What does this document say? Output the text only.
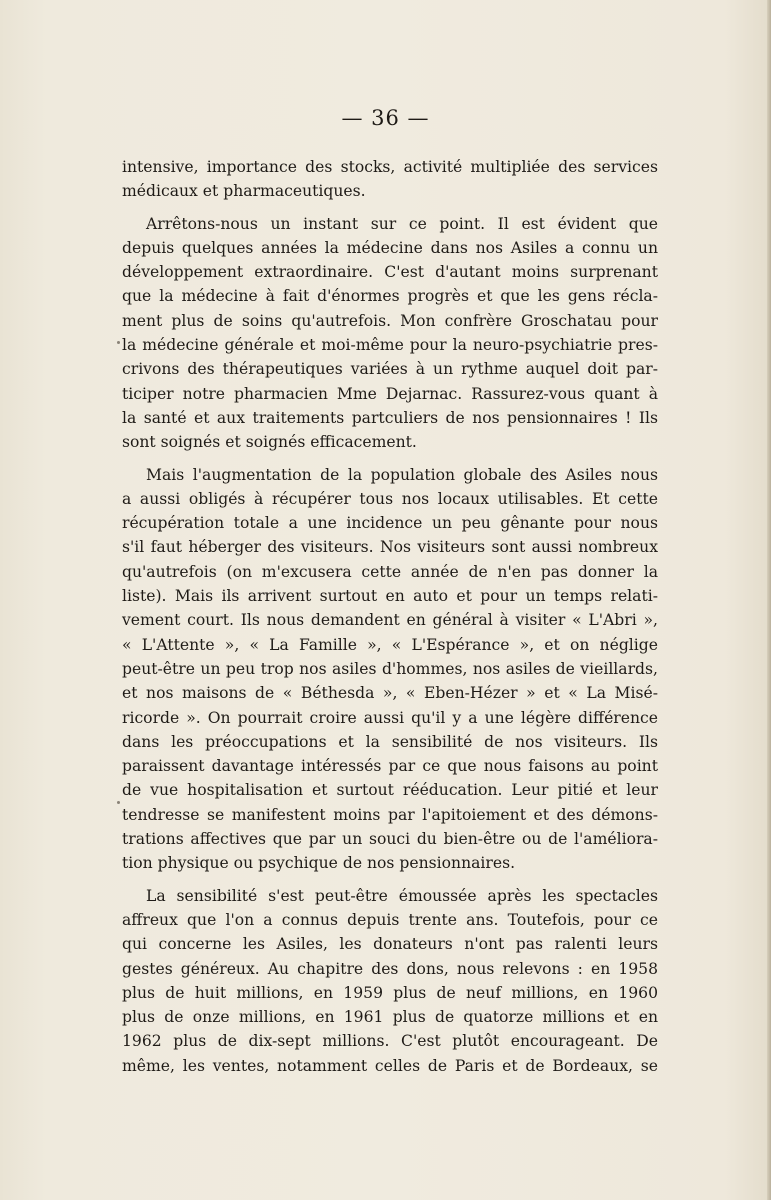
— 36 —

intensive, importance des stocks, activité multipliée des services
médicaux et pharmaceutiques.

Arrêtons-nous un instant sur ce point. Il est évident que
depuis quelques années la médecine dans nos Asiles a connu un
développement extraordinaire. C'est d'autant moins surprenant
que la médecine à fait d'énormes progrès et que les gens récla-
ment plus de soins qu'autrefois. Mon confrère Groschatau pour
la médecine générale et moi-même pour la neuro-psychiatrie pres-
crivons des thérapeutiques variées à un rythme auquel doit par-
ticiper notre pharmacien Mme Dejarnac. Rassurez-vous quant à
la santé et aux traitements partculiers de nos pensionnaires ! Ils
sont soignés et soignés efficacement.

Mais l'augmentation de la population globale des Asiles nous
a aussi obligés à récupérer tous nos locaux utilisables. Et cette
récupération totale a une incidence un peu gênante pour nous
s'il faut héberger des visiteurs. Nos visiteurs sont aussi nombreux
qu'autrefois (on m'excusera cette année de n'en pas donner la
liste). Mais ils arrivent surtout en auto et pour un temps relati-
vement court. Ils nous demandent en général à visiter « L'Abri »,
« L'Attente », « La Famille », « L'Espérance », et on néglige
peut-être un peu trop nos asiles d'hommes, nos asiles de vieillards,
et nos maisons de « Béthesda », « Eben-Hézer » et « La Misé-
ricorde ». On pourrait croire aussi qu'il y a une légère différence
dans les préoccupations et la sensibilité de nos visiteurs. Ils
paraissent davantage intéressés par ce que nous faisons au point
de vue hospitalisation et surtout rééducation. Leur pitié et leur
tendresse se manifestent moins par l'apitoiement et des démons-
trations affectives que par un souci du bien-être ou de l'améliora-
tion physique ou psychique de nos pensionnaires.

La sensibilité s'est peut-être émoussée après les spectacles
affreux que l'on a connus depuis trente ans. Toutefois, pour ce
qui concerne les Asiles, les donateurs n'ont pas ralenti leurs
gestes généreux. Au chapitre des dons, nous relevons : en 1958
plus de huit millions, en 1959 plus de neuf millions, en 1960
plus de onze millions, en 1961 plus de quatorze millions et en
1962 plus de dix-sept millions. C'est plutôt encourageant. De
même, les ventes, notamment celles de Paris et de Bordeaux, se
